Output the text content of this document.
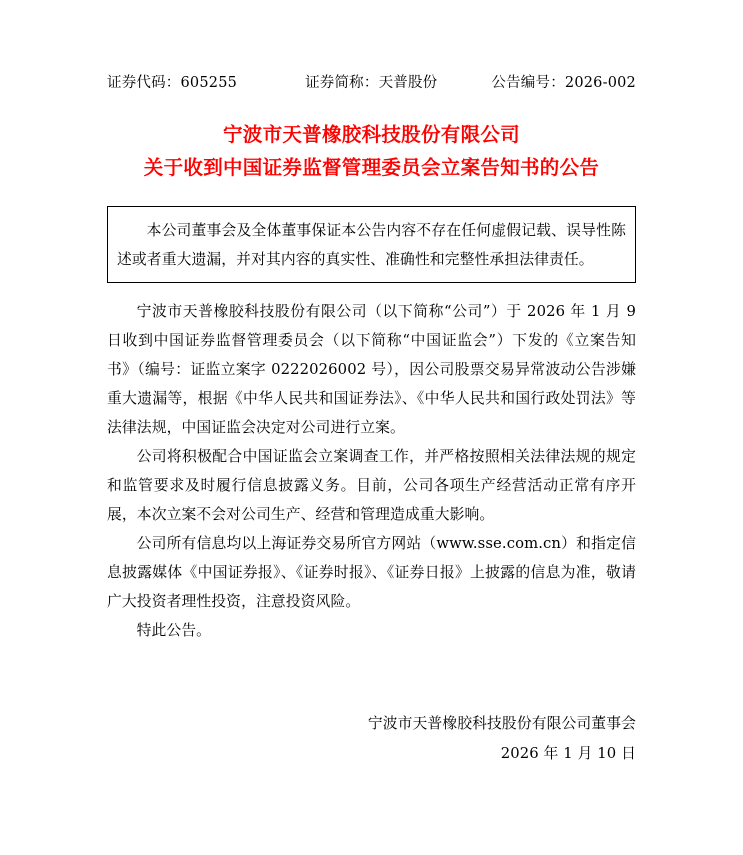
证券代码：605255	证券简称：天普股份	公告编号：2026-002
宁波市天普橡胶科技股份有限公司
关于收到中国证券监督管理委员会立案告知书的公告

本公司董事会及全体董事保证本公告内容不存在任何虚假记载、误导性陈述或者重大遗漏，并对其内容的真实性、准确性和完整性承担法律责任。

宁波市天普橡胶科技股份有限公司（以下简称“公司”）于 2026 年 1 月 9 日收到中国证券监督管理委员会（以下简称“中国证监会”）下发的《立案告知书》（编号：证监立案字 0222026002 号），因公司股票交易异常波动公告涉嫌重大遗漏等，根据《中华人民共和国证券法》、《中华人民共和国行政处罚法》等法律法规，中国证监会决定对公司进行立案。

公司将积极配合中国证监会立案调查工作，并严格按照相关法律法规的规定和监管要求及时履行信息披露义务。目前，公司各项生产经营活动正常有序开展，本次立案不会对公司生产、经营和管理造成重大影响。

公司所有信息均以上海证券交易所官方网站（www.sse.com.cn）和指定信息披露媒体《中国证券报》、《证券时报》、《证券日报》上披露的信息为准，敬请广大投资者理性投资，注意投资风险。

特此公告。

宁波市天普橡胶科技股份有限公司董事会
2026 年 1 月 10 日
